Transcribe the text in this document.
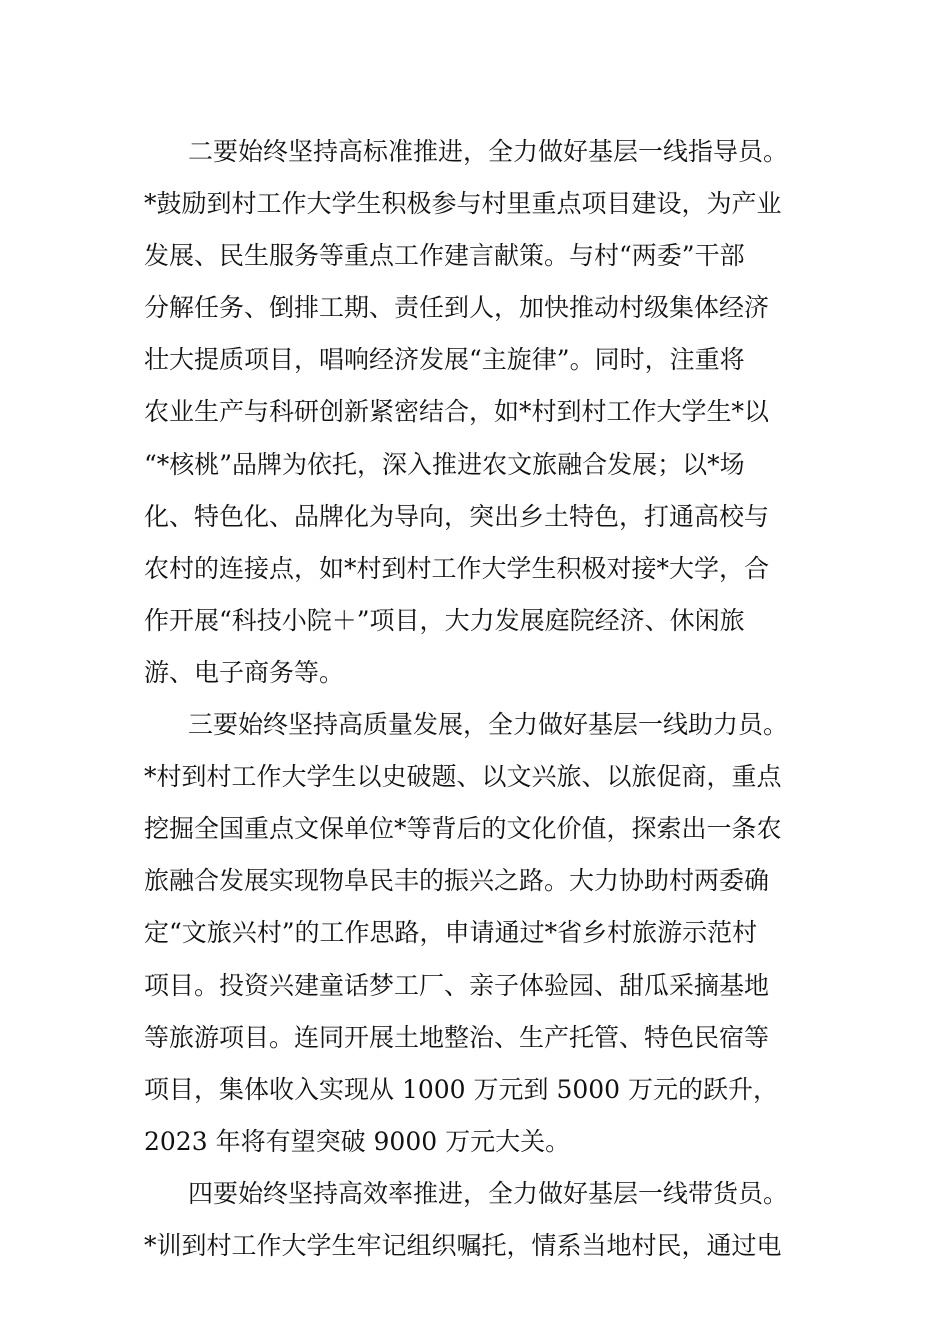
二要始终坚持高标准推进，全力做好基层一线指导员。
*鼓励到村工作大学生积极参与村里重点项目建设，为产业
发展、民生服务等重点工作建言献策。与村“两委”干部
分解任务、倒排工期、责任到人，加快推动村级集体经济
壮大提质项目，唱响经济发展“主旋律”。同时，注重将
农业生产与科研创新紧密结合，如*村到村工作大学生*以
“*核桃”品牌为依托，深入推进农文旅融合发展；以*场
化、特色化、品牌化为导向，突出乡土特色，打通高校与
农村的连接点，如*村到村工作大学生积极对接*大学，合
作开展“科技小院＋”项目，大力发展庭院经济、休闲旅
游、电子商务等。
三要始终坚持高质量发展，全力做好基层一线助力员。
*村到村工作大学生以史破题、以文兴旅、以旅促商，重点
挖掘全国重点文保单位*等背后的文化价值，探索出一条农
旅融合发展实现物阜民丰的振兴之路。大力协助村两委确
定“文旅兴村”的工作思路，申请通过*省乡村旅游示范村
项目。投资兴建童话梦工厂、亲子体验园、甜瓜采摘基地
等旅游项目。连同开展土地整治、生产托管、特色民宿等
项目，集体收入实现从 1000 万元到 5000 万元的跃升，
2023 年将有望突破 9000 万元大关。
四要始终坚持高效率推进，全力做好基层一线带货员。
*训到村工作大学生牢记组织嘱托，情系当地村民，通过电
